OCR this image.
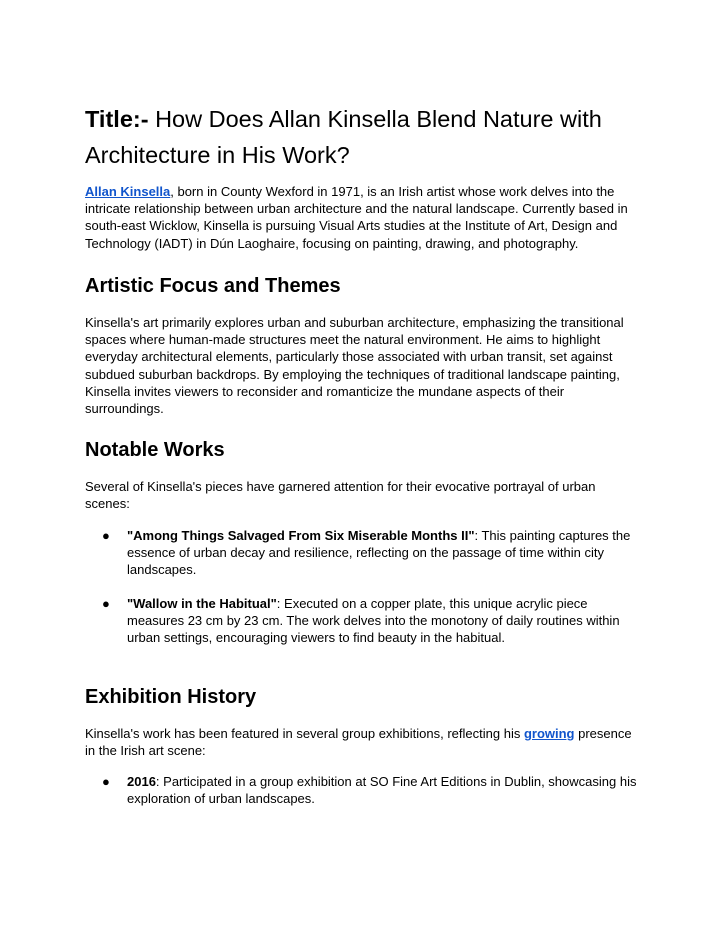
Title:- How Does Allan Kinsella Blend Nature with Architecture in His Work?

Allan Kinsella, born in County Wexford in 1971, is an Irish artist whose work delves into the intricate relationship between urban architecture and the natural landscape. Currently based in south-east Wicklow, Kinsella is pursuing Visual Arts studies at the Institute of Art, Design and Technology (IADT) in Dún Laoghaire, focusing on painting, drawing, and photography.

Artistic Focus and Themes

Kinsella's art primarily explores urban and suburban architecture, emphasizing the transitional spaces where human-made structures meet the natural environment. He aims to highlight everyday architectural elements, particularly those associated with urban transit, set against subdued suburban backdrops. By employing the techniques of traditional landscape painting, Kinsella invites viewers to reconsider and romanticize the mundane aspects of their surroundings.

Notable Works

Several of Kinsella's pieces have garnered attention for their evocative portrayal of urban scenes:

●	"Among Things Salvaged From Six Miserable Months II": This painting captures the essence of urban decay and resilience, reflecting on the passage of time within city landscapes.
●	"Wallow in the Habitual": Executed on a copper plate, this unique acrylic piece measures 23 cm by 23 cm. The work delves into the monotony of daily routines within urban settings, encouraging viewers to find beauty in the habitual.
Exhibition History

Kinsella's work has been featured in several group exhibitions, reflecting his growing presence in the Irish art scene:

●	2016: Participated in a group exhibition at SO Fine Art Editions in Dublin, showcasing his exploration of urban landscapes.
